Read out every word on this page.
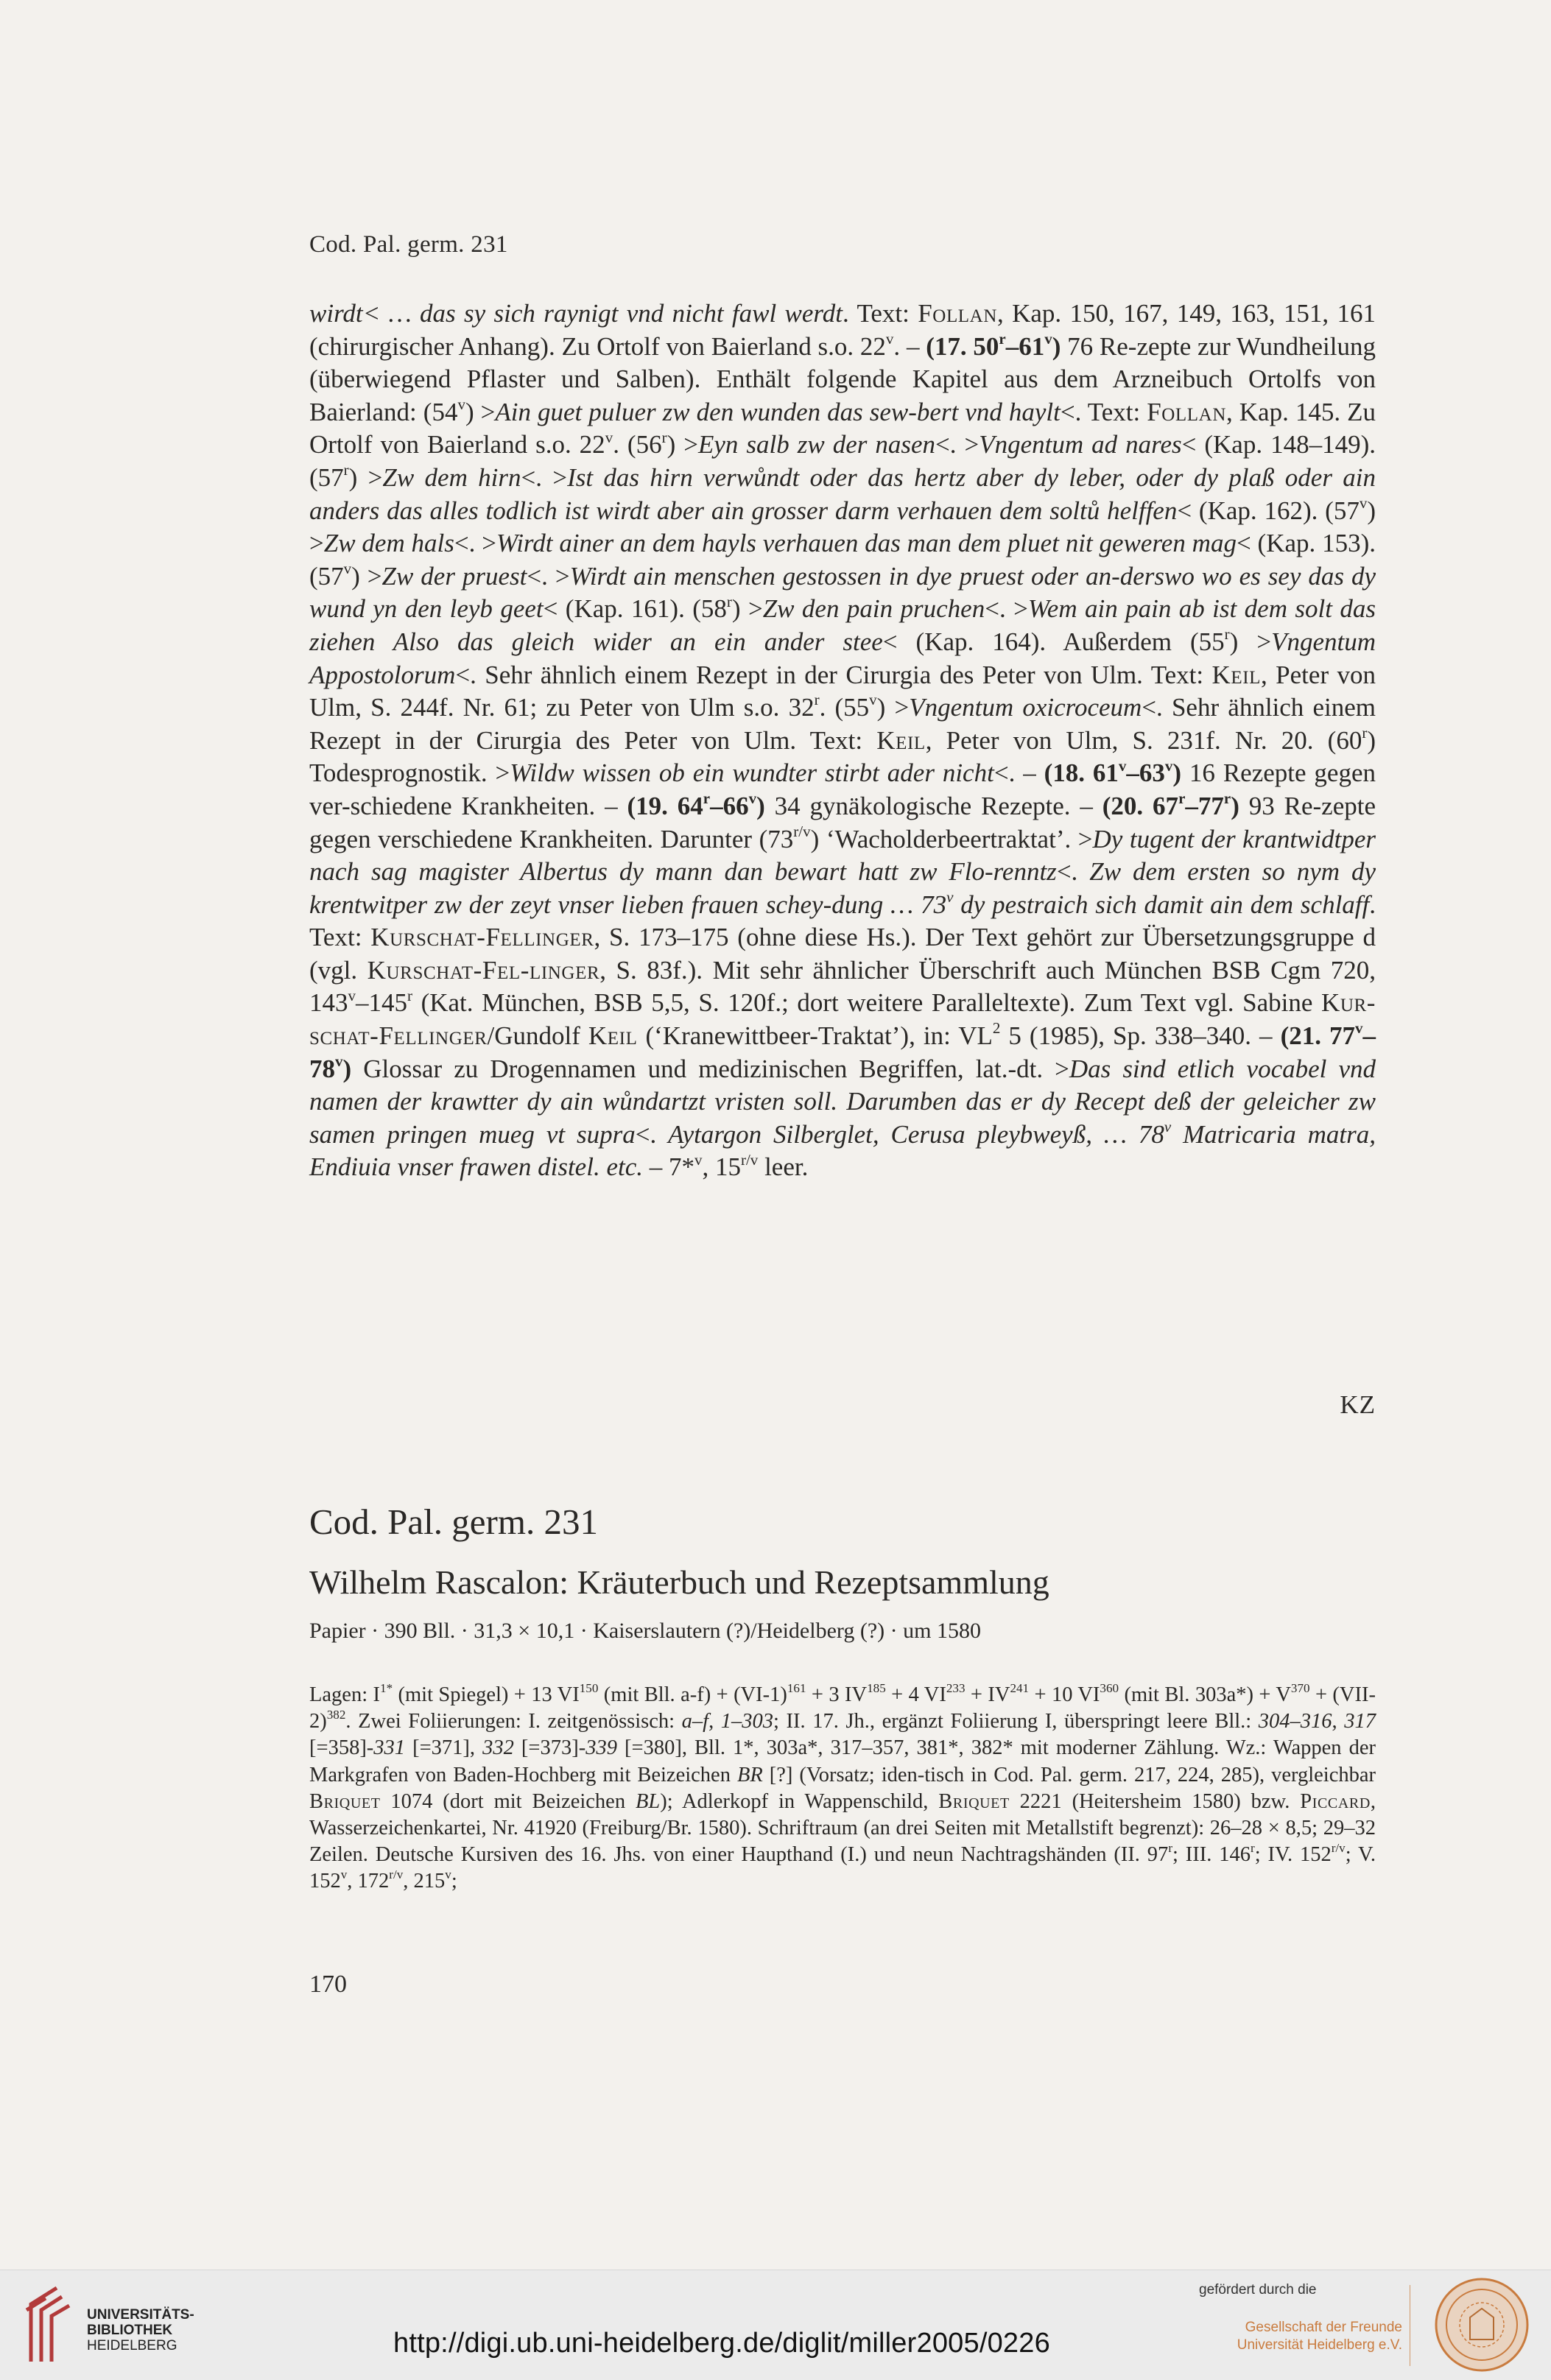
Cod. Pal. germ. 231
wirdt< … das sy sich raynigt vnd nicht fawl werdt. Text: Follan, Kap. 150, 167, 149, 163, 151, 161 (chirurgischer Anhang). Zu Ortolf von Baierland s.o. 22$^v$. – (17. 50$^r$–61$^v$) 76 Re-zepte zur Wundheilung (überwiegend Pflaster und Salben). Enthält folgende Kapitel aus dem Arzneibuch Ortolfs von Baierland: $(54^v) >Ain$ guet puluer zw den wunden das sew-bert vnd haylt<. Text: Follan, Kap. 145. Zu Ortolf von Baierland s.o. 22$^v$. $(56^r) >Eyn$ salb zw der nasen<. >Vngentum ad nares< (Kap. 148–149). $(57^r) >Zw$ dem hirn<. >Ist das hirn verwůndt oder das hertz aber dy leber, oder dy plaß oder ain anders das alles todlich ist wirdt aber ain grosser darm verhauen dem soltů helffen< (Kap. 162). $(57^v) >Zw$ dem hals<. >Wirdt ainer an dem hayls verhauen das man dem pluet nit geweren mag< (Kap. 153). $(57^v) >Zw$ der pruest<. >Wirdt ain menschen gestossen in dye pruest oder an-derswo wo es sey das dy wund yn den leyb geet< (Kap. 161). $(58^r) >Zw$ den pain pruchen<. >Wem ain pain ab ist dem solt das ziehen Also das gleich wider an ein ander stee< (Kap. 164). Außerdem $(55^r)$ >Vngentum Appostolorum<. Sehr ähnlich einem Rezept in der Cirurgia des Peter von Ulm. Text: Keil, Peter von Ulm, S. 244f. Nr. 61; zu Peter von Ulm s.o. 32$^r$. $(55^v)$ >Vngentum oxicroceum<. Sehr ähnlich einem Rezept in der Cirurgia des Peter von Ulm. Text: Keil, Peter von Ulm, S. 231f. Nr. 20. (60$^r$) Todesprognostik. >Wildw wissen ob ein wundter stirbt ader nicht<. – (18. 61$^v$–63$^v$) 16 Rezepte gegen ver-schiedene Krankheiten. – (19. 64$^r$–66$^v$) 34 gynäkologische Rezepte. – (20. 67$^r$–77$^r$) 93 Re-zepte gegen verschiedene Krankheiten. Darunter $(73^{r/v})$ ‘Wacholderbeertraktat’. >Dy tugent der krantwidtper nach sag magister Albertus dy mann dan bewart hatt zw Flo-renntz<. Zw dem ersten so nym dy krentwitper zw der zeyt vnser lieben frauen schey-dung … 73$^v$ dy pestraich sich damit ain dem schlaff. Text: Kurschat-Fellinger, S. 173–175 (ohne diese Hs.). Der Text gehört zur Übersetzungsgruppe d (vgl. Kurschat-Fel-linger, S. 83f.). Mit sehr ähnlicher Überschrift auch München BSB Cgm 720, 143$^v$–145$^r$ (Kat. München, BSB 5,5, S. 120f.; dort weitere Paralleltexte). Zum Text vgl. Sabine Kur-schat-Fellinger/Gundolf Keil (‘Kranewittbeer-Traktat’), in: $VL^2$ 5 (1985), Sp. 338–340. – (21. 77$^v$–78$^v$) Glossar zu Drogennamen und medizinischen Begriffen, lat.-dt. >Das sind etlich vocabel vnd namen der krawtter dy ain wůndartzt vristen soll. Darumben das er dy Recept deß der geleicher zw samen pringen mueg vt supra<. Aytargon Silberglet, Cerusa pleybweyß, … 78$^v$ Matricaria matra, Endiuia vnser frawen distel. etc. – 7*$^v$, $15^{r/v}$ leer.
KZ
Cod. Pal. germ. 231
Wilhelm Rascalon: Kräuterbuch und Rezeptsammlung
Papier · 390 Bll. · 31,3 × 10,1 · Kaiserslautern (?)/Heidelberg (?) · um 1580
Lagen: $I^{1*}$ (mit Spiegel) + 13 VI$^{150}$ (mit Bll. $a-f) + (VI-1)^{161} + 3$ $IV^{185} + 4$ $VI^{233} + IV^{241} + 10$ VI$^{360}$ (mit Bl. $303a*) + V^{370} + (VII-2)^{382}$. Zwei Foliierungen: I. zeitgenössisch: a–f, 1–303; II. 17. Jh., ergänzt Foliierung I, überspringt leere Bll.: 304–316, 317 [=358]-331 [=371], 332 [=373]-339 [=380], Bll. 1*, 303a*, 317–357, 381*, 382* mit moderner Zählung. Wz.: Wappen der Markgrafen von Baden-Hochberg mit Beizeichen BR [?] (Vorsatz; iden-tisch in Cod. Pal. germ. 217, 224, 285), vergleichbar Briquet 1074 (dort mit Beizeichen BL); Adlerkopf in Wappenschild, Briquet 2221 (Heitersheim 1580) bzw. Piccard, Wasserzeichenkartei, Nr. 41920 (Freiburg/Br. 1580). Schriftraum (an drei Seiten mit Metallstift begrenzt): 26–28 × 8,5; 29–32 Zeilen. Deutsche Kursiven des 16. Jhs. von einer Haupthand (I.) und neun Nachtragshänden (II. 97$^r$; III. 146$^r$; IV. $152^{r/v}$; V. 152$^v$, $172^{r/v}$, 215$^v$;
170
UNIVERSITÄTS-
BIBLIOTHEK
HEIDELBERG	http://digi.ub.uni-heidelberg.de/diglit/miller2005/0226
gefördert durch die
Gesellschaft der Freunde
Universität Heidelberg e.V.
